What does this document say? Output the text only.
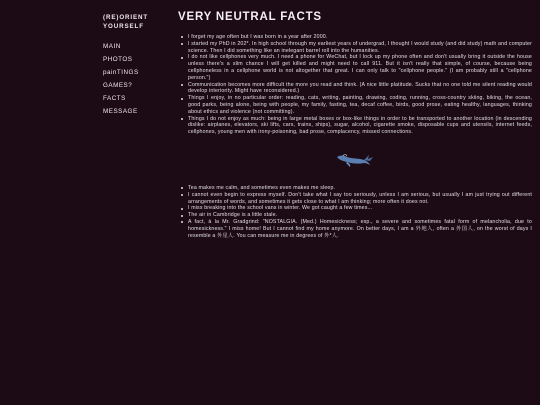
(RE)ORIENT YOURSELF
MAIN
PHOTOS
painTINGS
GAMES?
FACTS
MESSAGE
VERY NEUTRAL FACTS
I forget my age often but I was born in a year after 2000.
I started my PhD in 202*. In high school through my earliest years of undergrad, I thought I would study (and did study) math and computer science. Then I did something like an inelegant barrel roll into the humanities.
I do not like cellphones very much. I need a phone for WeChat, but I lock up my phone often and don't usually bring it outside the house unless there's a slim chance I will get killed and might need to call 911. But it isn't really that simple, of course, because being cellphoneless in a cellphone world is not altogether that great. I can only talk to "cellphone people." (I am probably still a "cellphone person.")
Communication becomes more difficult the more you read and think. (A nice little platitude. Sucks that no one told me silent reading would develop interiority. Might have reconsidered.)
Things I enjoy, in no particular order: reading, cats, writing, painting, drawing, coding, running, cross-country skiing, biking, the ocean, good parks, being alone, being with people, my family, fasting, tea, decaf coffee, birds, good prose, eating healthy, languages, thinking about ethics and violence (not committing).
Things I do not enjoy as much: being in large metal boxes or box-like things in order to be transported to another location (in descending dislike: airplanes, elevators, ski lifts, cars, trains, ships), sugar, alcohol, cigarette smoke, disposable cups and utensils, internet feeds, cellphones, young men with irony-poisoning, bad prose, complacency, missed connections.
Tea makes me calm, and sometimes even makes me sleep.
I cannot even begin to express myself. Don't take what I say too seriously, unless I am serious, but usually I am just trying out different arrangements of words, and sometimes it gets close to what I am thinking; more often it does not.
I miss breaking into the school vans in winter. We got caught a few times...
The air in Cambridge is a little stale.
A fact, à la Mr. Gradgrind: "NOSTALGIA. (Med.) Homesickness; esp., a severe and sometimes fatal form of melancholia, due to homesickness." I miss home! But I cannot find my home anymore. On better days, I am a 外地人, often a 外国人, on the worst of days I resemble a 外星人. You can measure me in degrees of 外*人.
